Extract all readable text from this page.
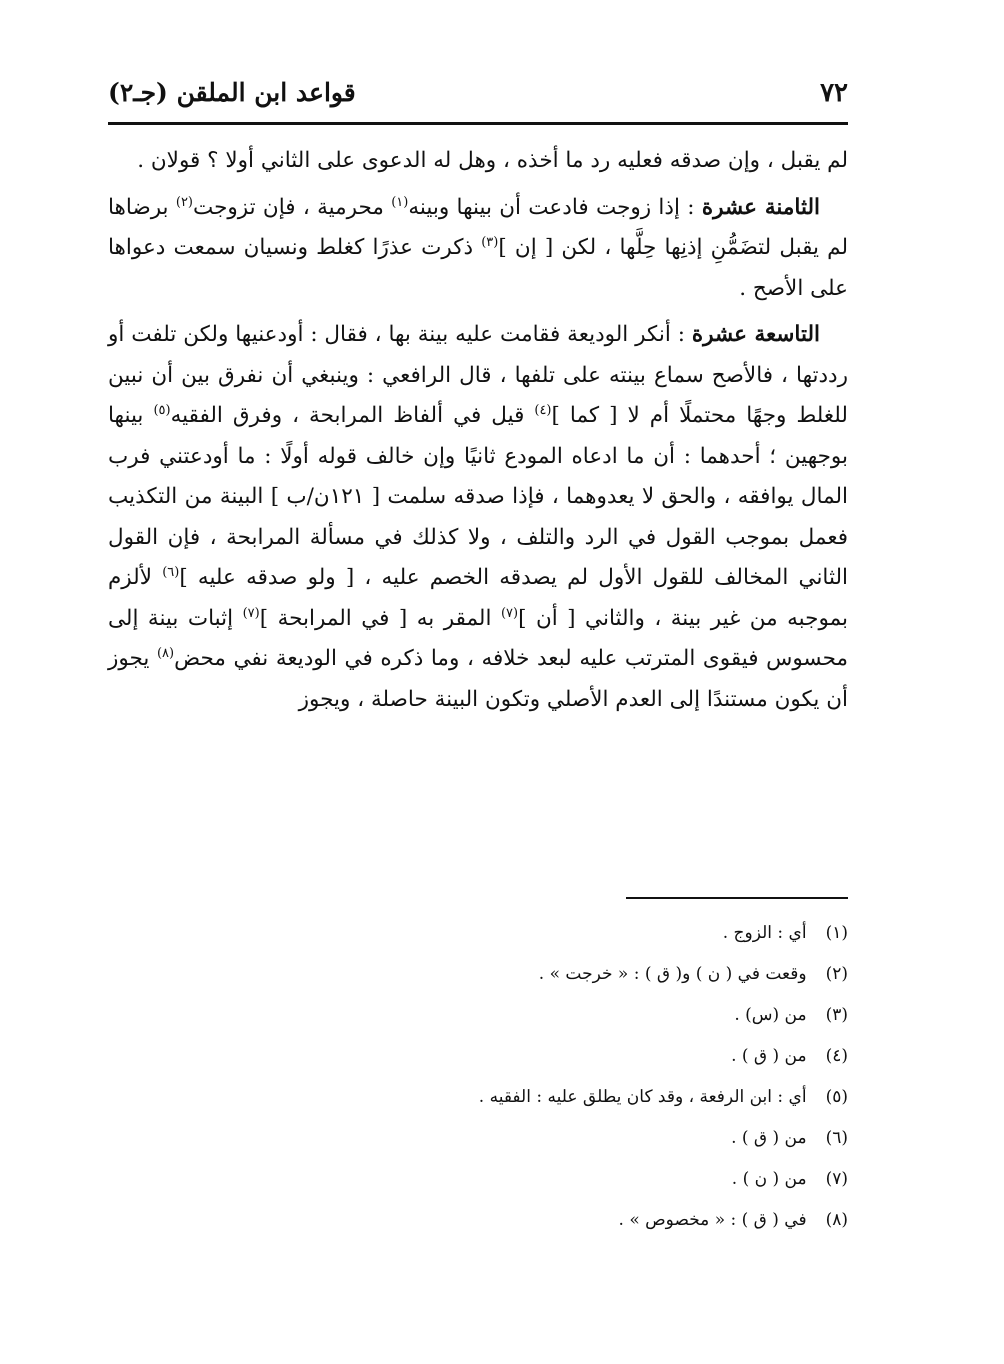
٧٢
قواعد ابن الملقن (جـ٢)

لم يقبل ، وإن صدقه فعليه رد ما أخذه ، وهل له الدعوى على الثاني أولا ؟ قولان .

الثامنة عشرة : إذا زوجت فادعت أن بينها وبينه$^{(١)}$ محرمية ، فإن تزوجت$^{(٢)}$ برضاها لم يقبل لتضَمُّنِ إذنِها حِلَّها ، لكن [ إن ]$^{(٣)}$ ذكرت عذرًا كغلط ونسيان سمعت دعواها على الأصح .

التاسعة عشرة : أنكر الوديعة فقامت عليه بينة بها ، فقال : أودعنيها ولكن تلفت أو رددتها ، فالأصح سماع بينته على تلفها ، قال الرافعي : وينبغي أن نفرق بين أن نبين للغلط وجهًا محتملًا أم لا [ كما ]$^{(٤)}$ قيل في ألفاظ المرابحة ، وفرق الفقيه$^{(٥)}$ بينها بوجهين ؛ أحدهما : أن ما ادعاه المودع ثانيًا وإن خالف قوله أولًا : ما أودعتني فرب المال يوافقه ، والحق لا يعدوهما ، فإذا صدقه سلمت [ ١٢١ن/ب ] البينة من التكذيب فعمل بموجب القول في الرد والتلف ، ولا كذلك في مسألة المرابحة ، فإن القول الثاني المخالف للقول الأول لم يصدقه الخصم عليه ، [ ولو صدقه عليه ]$^{(٦)}$ لألزم بموجبه من غير بينة ، والثاني [ أن ]$^{(٧)}$ المقر به [ في المرابحة ]$^{(٧)}$ إثبات بينة إلى محسوس فيقوى المترتب عليه لبعد خلافه ، وما ذكره في الوديعة نفي محض$^{(٨)}$ يجوز أن يكون مستندًا إلى العدم الأصلي وتكون البينة حاصلة ، ويجوز

(١) أي : الزوج .
(٢) وقعت في ( ن ) و( ق ) : « خرجت » .
(٣) من (س) .
(٤) من ( ق ) .
(٥) أي : ابن الرفعة ، وقد كان يطلق عليه : الفقيه .
(٦) من ( ق ) .
(٧) من ( ن ) .
(٨) في ( ق ) : « مخصوص » .
